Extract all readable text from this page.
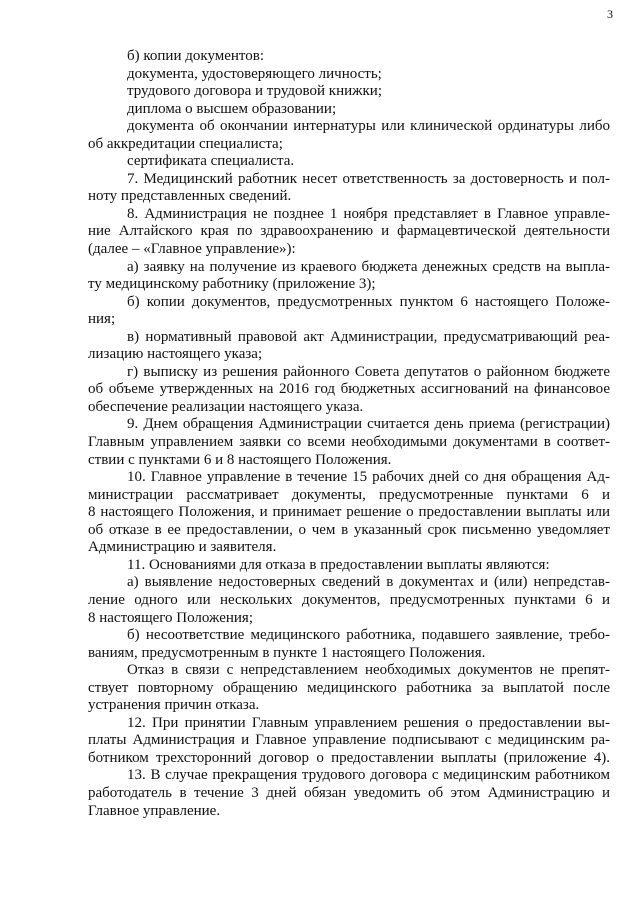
3
б) копии документов:
документа, удостоверяющего личность;
трудового договора и трудовой книжки;
диплома о высшем образовании;
документа об окончании интернатуры или клинической ординатуры либо
об аккредитации специалиста;
сертификата специалиста.
7. Медицинский работник несет ответственность за достоверность и пол-
ноту представленных сведений.
8. Администрация не позднее 1 ноября представляет в Главное управле-
ние Алтайского края по здравоохранению и фармацевтической деятельности
(далее – «Главное управление»):
а) заявку на получение из краевого бюджета денежных средств на выпла-
ту медицинскому работнику (приложение 3);
б) копии документов, предусмотренных пунктом 6 настоящего Положе-
ния;
в) нормативный правовой акт Администрации, предусматривающий реа-
лизацию настоящего указа;
г) выписку из решения районного Совета депутатов о районном бюджете
об объеме утвержденных на 2016 год бюджетных ассигнований на финансовое
обеспечение реализации настоящего указа.
9. Днем обращения Администрации считается день приема (регистрации)
Главным управлением заявки со всеми необходимыми документами в соответ-
ствии с пунктами 6 и 8 настоящего Положения.
10. Главное управление в течение 15 рабочих дней со дня обращения Ад-
министрации рассматривает документы, предусмотренные пунктами 6 и
8 настоящего Положения, и принимает решение о предоставлении выплаты или
об отказе в ее предоставлении, о чем в указанный срок письменно уведомляет
Администрацию и заявителя.
11. Основаниями для отказа в предоставлении выплаты являются:
а) выявление недостоверных сведений в документах и (или) непредстав-
ление одного или нескольких документов, предусмотренных пунктами 6 и
8 настоящего Положения;
б) несоответствие медицинского работника, подавшего заявление, требо-
ваниям, предусмотренным в пункте 1 настоящего Положения.
Отказ в связи с непредставлением необходимых документов не препят-
ствует повторному обращению медицинского работника за выплатой после
устранения причин отказа.
12. При принятии Главным управлением решения о предоставлении вы-
платы Администрация и Главное управление подписывают с медицинским ра-
ботником трехсторонний договор о предоставлении выплаты (приложение 4).
13. В случае прекращения трудового договора с медицинским работником
работодатель в течение 3 дней обязан уведомить об этом Администрацию и
Главное управление.
